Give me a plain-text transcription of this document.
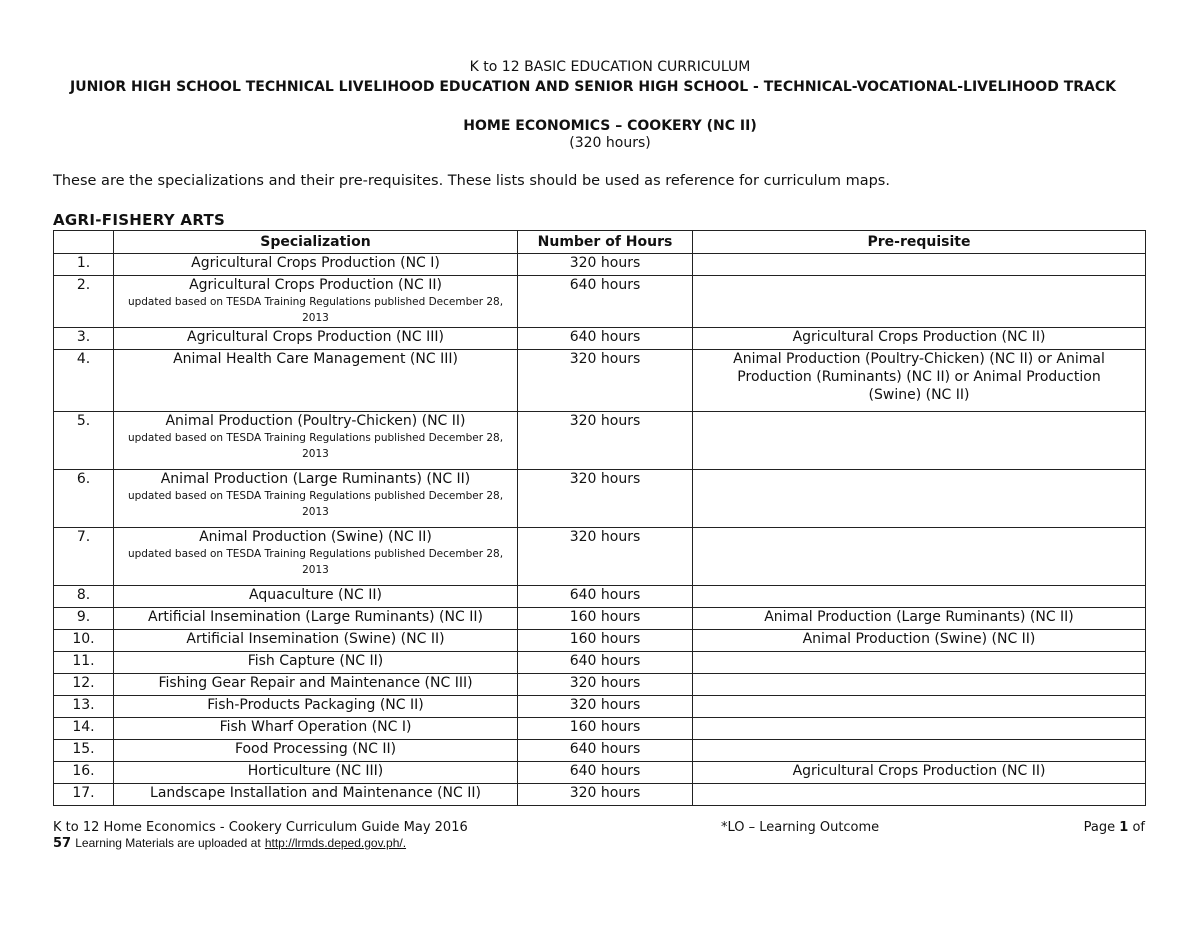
K to 12 BASIC EDUCATION CURRICULUM
JUNIOR HIGH SCHOOL TECHNICAL LIVELIHOOD EDUCATION AND SENIOR HIGH SCHOOL - TECHNICAL-VOCATIONAL-LIVELIHOOD TRACK
HOME ECONOMICS – COOKERY (NC II)
(320 hours)
These are the specializations and their pre-requisites. These lists should be used as reference for curriculum maps.
AGRI-FISHERY ARTS
	Specialization	Number of Hours	Pre-requisite
1.	Agricultural Crops Production (NC I)	320 hours	
2.	Agricultural Crops Production (NC II)
updated based on TESDA Training Regulations published December 28, 2013	640 hours	
3.	Agricultural Crops Production (NC III)	640 hours	Agricultural Crops Production (NC II)
4.	Animal Health Care Management (NC III)	320 hours	Animal Production (Poultry-Chicken) (NC II) or Animal Production (Ruminants) (NC II) or Animal Production (Swine) (NC II)
5.	Animal Production (Poultry-Chicken) (NC II)
updated based on TESDA Training Regulations published December 28, 2013	320 hours	
6.	Animal Production (Large Ruminants) (NC II)
updated based on TESDA Training Regulations published December 28, 2013	320 hours	
7.	Animal Production (Swine) (NC II)
updated based on TESDA Training Regulations published December 28, 2013	320 hours	
8.	Aquaculture (NC II)	640 hours	
9.	Artificial Insemination (Large Ruminants) (NC II)	160 hours	Animal Production (Large Ruminants) (NC II)
10.	Artificial Insemination (Swine) (NC II)	160 hours	Animal Production (Swine) (NC II)
11.	Fish Capture (NC II)	640 hours	
12.	Fishing Gear Repair and Maintenance (NC III)	320 hours	
13.	Fish-Products Packaging (NC II)	320 hours	
14.	Fish Wharf Operation (NC I)	160 hours	
15.	Food Processing (NC II)	640 hours	
16.	Horticulture (NC III)	640 hours	Agricultural Crops Production (NC II)
17.	Landscape Installation and Maintenance (NC II)	320 hours	
K to 12 Home Economics - Cookery Curriculum Guide May 2016	*LO – Learning Outcome	Page 1 of
57 Learning Materials are uploaded at http://lrmds.deped.gov.ph/.
